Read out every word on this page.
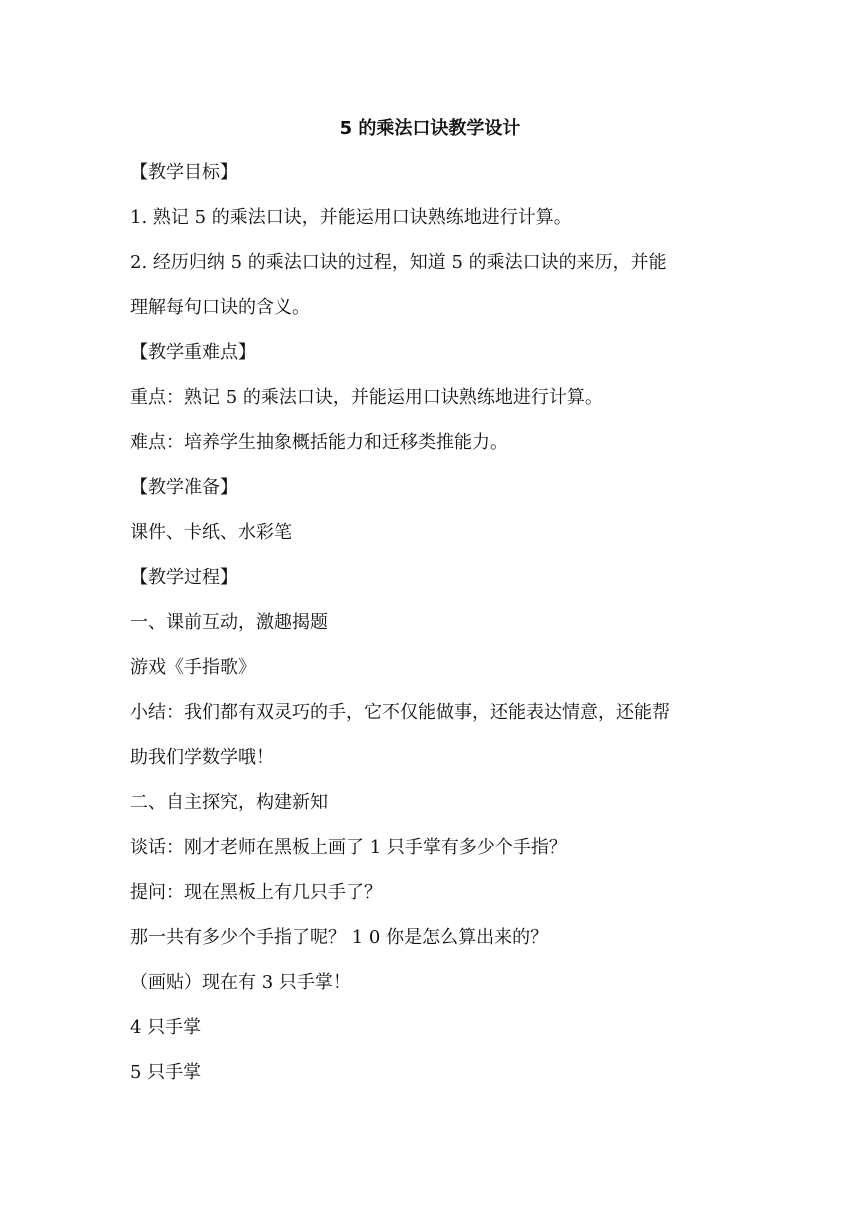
5 的乘法口诀教学设计
【教学目标】
1. 熟记 5 的乘法口诀，并能运用口诀熟练地进行计算。
2. 经历归纳 5 的乘法口诀的过程，知道 5 的乘法口诀的来历，并能
理解每句口诀的含义。
【教学重难点】
重点：熟记 5 的乘法口诀，并能运用口诀熟练地进行计算。
难点：培养学生抽象概括能力和迁移类推能力。
【教学准备】
课件、卡纸、水彩笔
【教学过程】
一、课前互动，激趣揭题
游戏《手指歌》
小结：我们都有双灵巧的手，它不仅能做事，还能表达情意，还能帮
助我们学数学哦！
二、自主探究，构建新知
谈话：刚才老师在黑板上画了 1 只手掌有多少个手指？
提问：现在黑板上有几只手了？
那一共有多少个手指了呢？ 1 0 你是怎么算出来的？
（画贴）现在有 3 只手掌！
4 只手掌
5 只手掌
